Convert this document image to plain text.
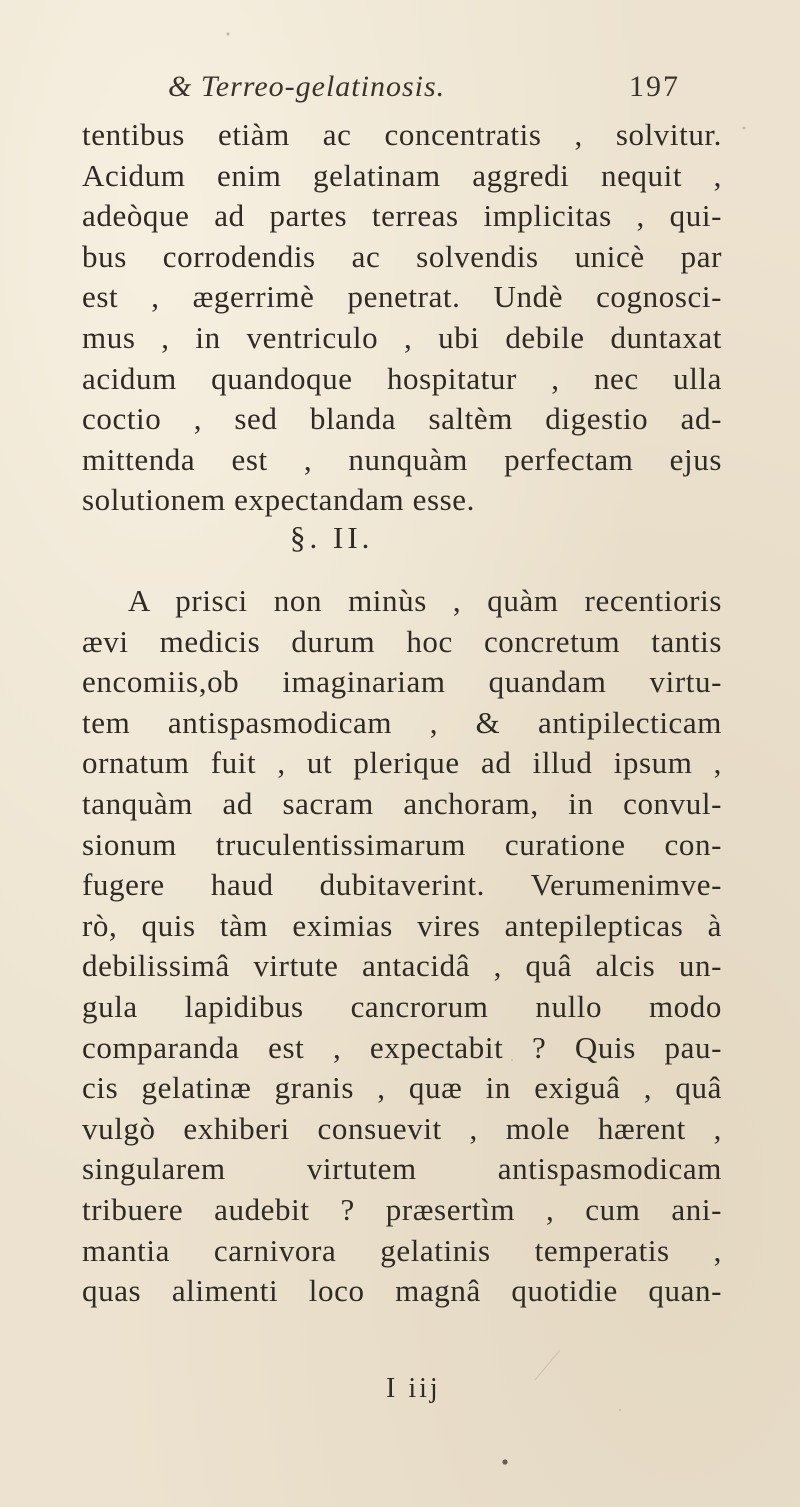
& Terreo-gelatinosis.	197
tentibus etiàm ac concentratis , solvitur.
Acidum enim gelatinam aggredi nequit ,
adeòque ad partes terreas implicitas , qui-
bus corrodendis ac solvendis unicè par
est , ægerrimè penetrat. Undè cognosci-
mus , in ventriculo , ubi debile duntaxat
acidum quandoque hospitatur , nec ulla
coctio , sed blanda saltèm digestio ad-
mittenda est , nunquàm perfectam ejus
solutionem expectandam esse.
§. II.
A prisci non minùs , quàm recentioris
ævi medicis durum hoc concretum tantis
encomiis,ob imaginariam quandam virtu-
tem antispasmodicam , & antipilecticam
ornatum fuit , ut plerique ad illud ipsum ,
tanquàm ad sacram anchoram, in convul-
sionum truculentissimarum curatione con-
fugere haud dubitaverint. Verumenimve-
rò, quis tàm eximias vires antepilepticas à
debilissimâ virtute antacidâ , quâ alcis un-
gula lapidibus cancrorum nullo modo
comparanda est , expectabit ? Quis pau-
cis gelatinæ granis , quæ in exiguâ , quâ
vulgò exhiberi consuevit , mole hærent ,
singularem virtutem antispasmodicam
tribuere audebit ? præsertìm , cum ani-
mantia carnivora gelatinis temperatis ,
quas alimenti loco magnâ quotidie quan-
I iij
